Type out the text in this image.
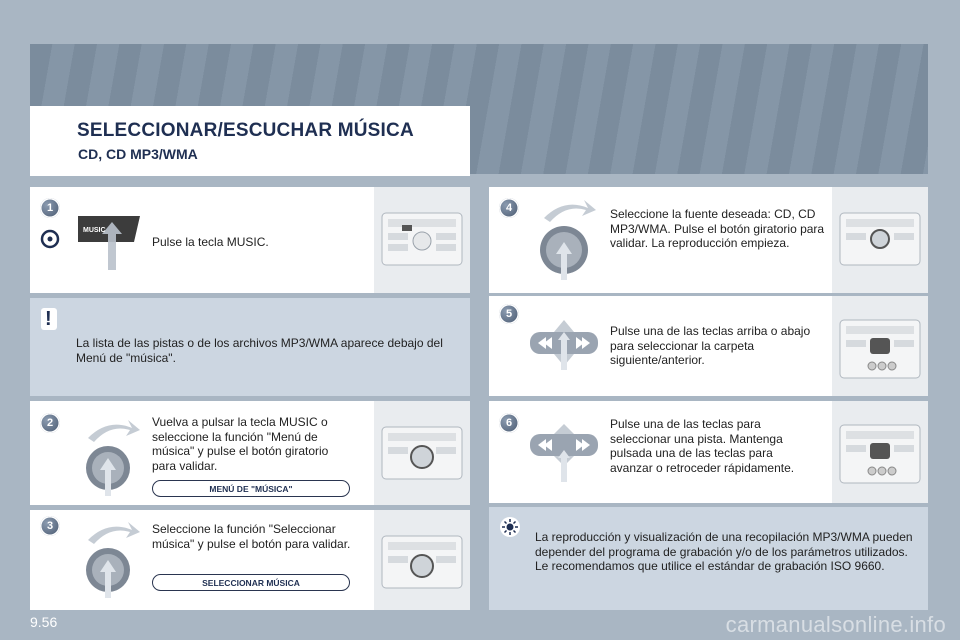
SELECCIONAR/ESCUCHAR MÚSICA
CD, CD MP3/WMA
1
MUSIC
Pulse la tecla MUSIC.
!
La lista de las pistas o de los archivos MP3/WMA aparece debajo del Menú de "música".
2	Vuelva a pulsar la tecla MUSIC o seleccione la función "Menú de música" y pulse el botón giratorio para validar.
MENÚ DE "MÚSICA"
3	Seleccione la función "Seleccionar música" y pulse el botón para validar.
SELECCIONAR MÚSICA
4	Seleccione la fuente deseada: CD, CD MP3/WMA. Pulse el botón giratorio para validar. La reproducción empieza.
5
Pulse una de las teclas arriba o abajo para seleccionar la carpeta siguiente/anterior.
6	Pulse una de las teclas para seleccionar una pista. Mantenga pulsada una de las teclas para avanzar o retroceder rápidamente.
La reproducción y visualización de una recopilación MP3/WMA pueden depender del programa de grabación y/o de los parámetros utilizados. Le recomendamos que utilice el estándar de grabación ISO 9660.
9.56	carmanualsonline.info
